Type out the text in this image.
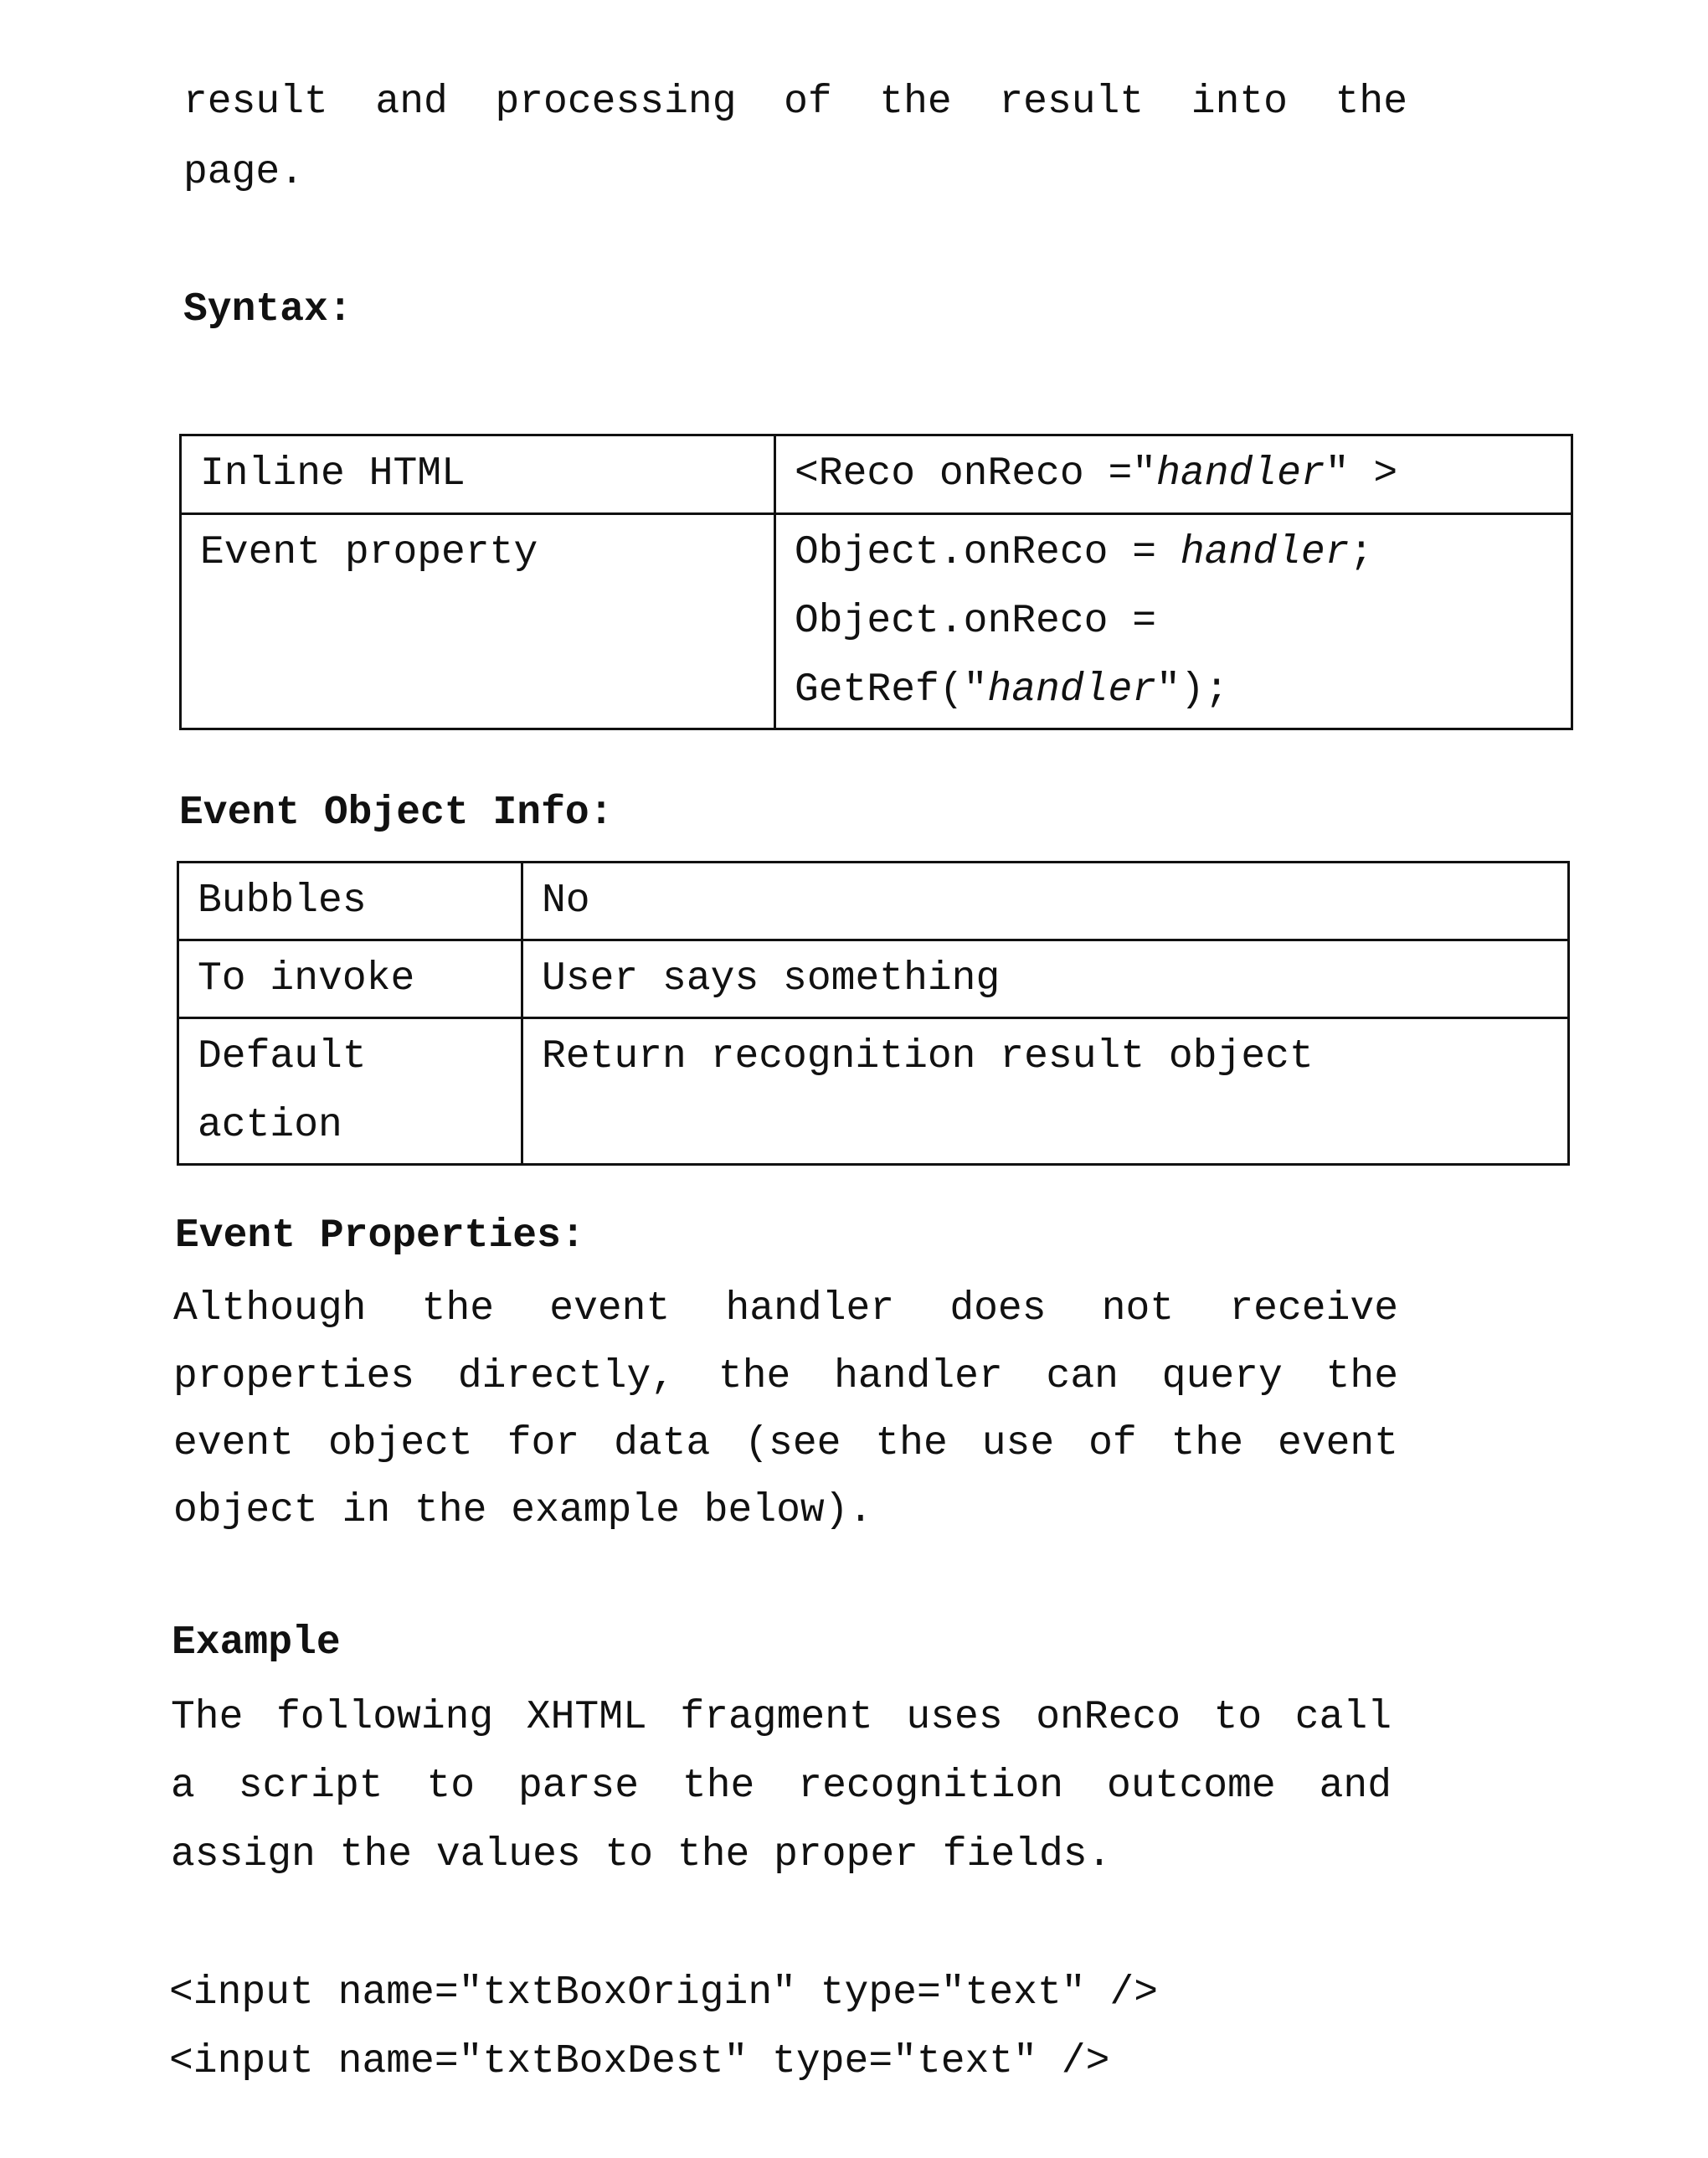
result and processing of the result into the
page.
Syntax:
Inline HTML	<Reco onReco ="handler" >
Event property	Object.onReco = handler;
Object.onReco =
GetRef("handler");
Event Object Info:
Bubbles	No
To invoke	User says something
Default action	Return recognition result object
Event Properties:
Although the event handler does not receive
properties directly, the handler can query the
event object for data (see the use of the event
object in the example below).
Example
The following XHTML fragment uses onReco to call
a script to parse the recognition outcome and
assign the values to the proper fields.
<input name="txtBoxOrigin" type="text" />
<input name="txtBoxDest" type="text" />
